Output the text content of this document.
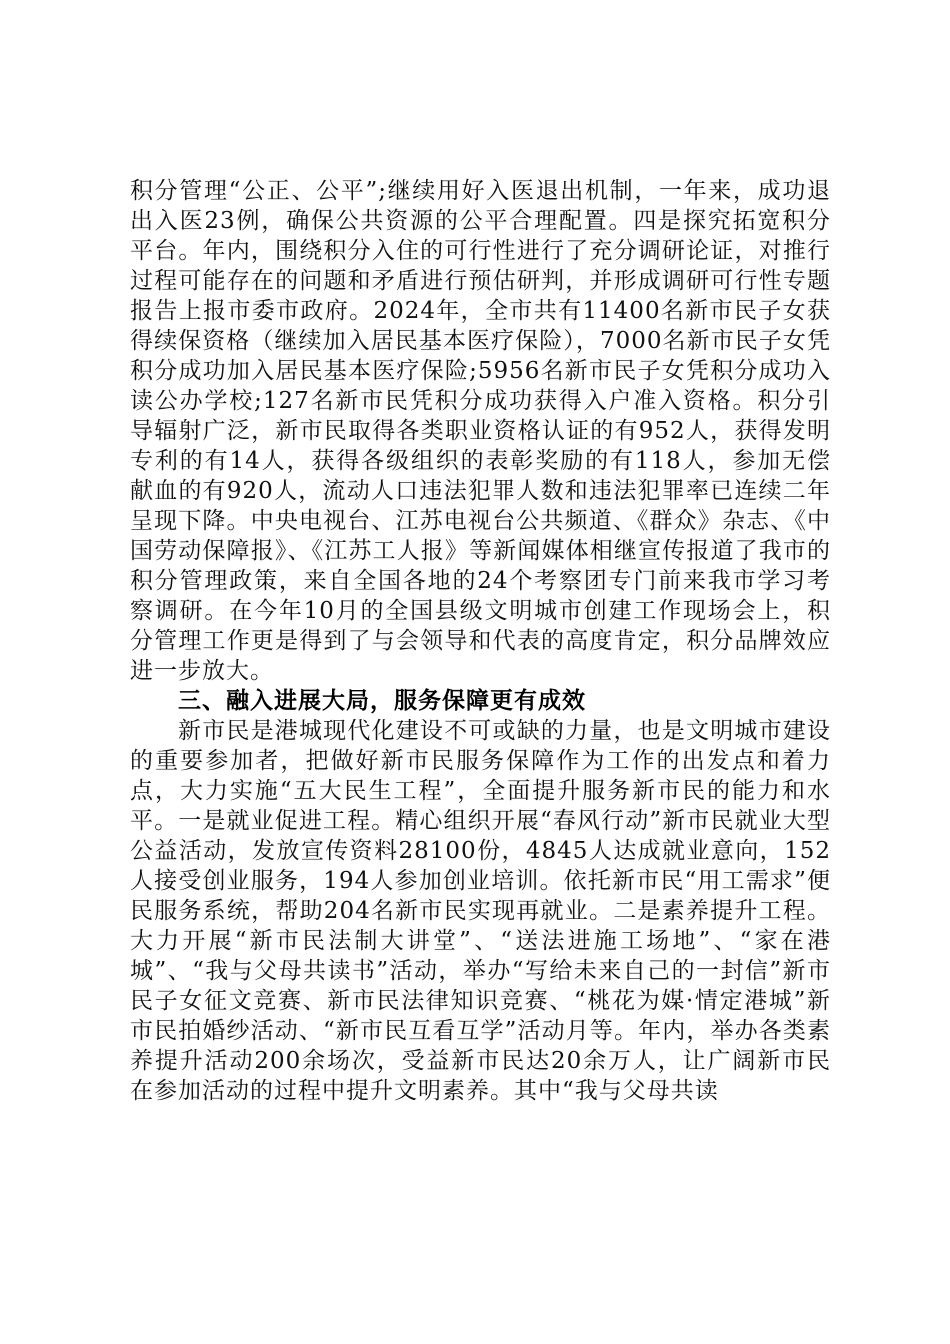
积分管理“公正、公平”;继续用好入医退出机制，一年来，成功退出入医23例，确保公共资源的公平合理配置。四是探究拓宽积分平台。年内，围绕积分入住的可行性进行了充分调研论证，对推行过程可能存在的问题和矛盾进行预估研判，并形成调研可行性专题报告上报市委市政府。2024年，全市共有11400名新市民子女获得续保资格（继续加入居民基本医疗保险），7000名新市民子女凭积分成功加入居民基本医疗保险;5956名新市民子女凭积分成功入读公办学校;127名新市民凭积分成功获得入户准入资格。积分引导辐射广泛，新市民取得各类职业资格认证的有952人，获得发明专利的有14人，获得各级组织的表彰奖励的有118人，参加无偿献血的有920人，流动人口违法犯罪人数和违法犯罪率已连续二年呈现下降。中央电视台、江苏电视台公共频道、《群众》杂志、《中国劳动保障报》、《江苏工人报》等新闻媒体相继宣传报道了我市的积分管理政策，来自全国各地的24个考察团专门前来我市学习考察调研。在今年10月的全国县级文明城市创建工作现场会上，积分管理工作更是得到了与会领导和代表的高度肯定，积分品牌效应进一步放大。

三、融入进展大局，服务保障更有成效

新市民是港城现代化建设不可或缺的力量，也是文明城市建设的重要参加者，把做好新市民服务保障作为工作的出发点和着力点，大力实施“五大民生工程”，全面提升服务新市民的能力和水平。一是就业促进工程。精心组织开展“春风行动”新市民就业大型公益活动，发放宣传资料28100份，4845人达成就业意向，152人接受创业服务，194人参加创业培训。依托新市民“用工需求”便民服务系统，帮助204名新市民实现再就业。二是素养提升工程。大力开展“新市民法制大讲堂”、“送法进施工场地”、“家在港城”、“我与父母共读书”活动，举办“写给未来自己的一封信”新市民子女征文竞赛、新市民法律知识竞赛、“桃花为媒·情定港城”新市民拍婚纱活动、“新市民互看互学”活动月等。年内，举办各类素养提升活动200余场次，受益新市民达20余万人，让广阔新市民在参加活动的过程中提升文明素养。其中“我与父母共读
